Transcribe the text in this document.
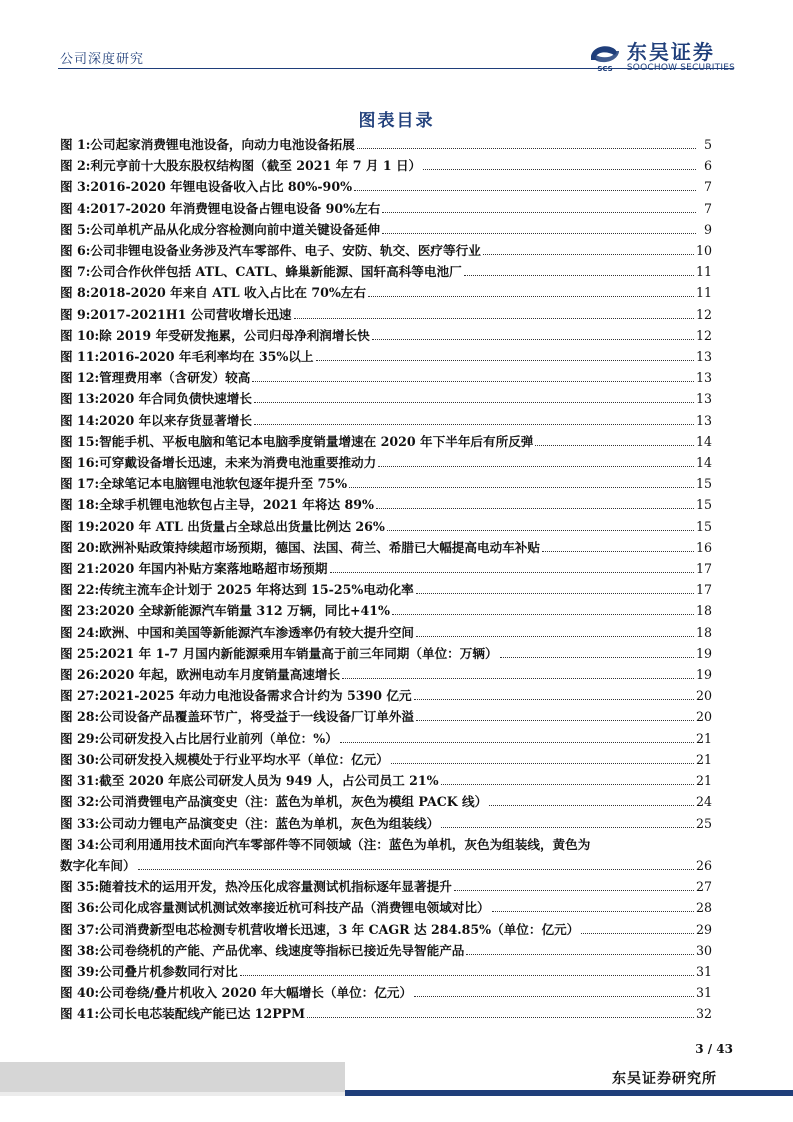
公司深度研究
SCS
东吴证券
SOOCHOW SECURITIES
图表目录
图 1: 公司起家消费锂电池设备，向动力电池设备拓展	5
图 2: 利元亨前十大股东股权结构图（截至 2021 年 7 月 1 日）	6
图 3: 2016-2020 年锂电设备收入占比 80%-90%	7
图 4: 2017-2020 年消费锂电设备占锂电设备 90%左右	7
图 5: 公司单机产品从化成分容检测向前中道关键设备延伸	9
图 6: 公司非锂电设备业务涉及汽车零部件、电子、安防、轨交、医疗等行业	10
图 7: 公司合作伙伴包括 ATL、CATL、蜂巢新能源、国轩高科等电池厂	11
图 8: 2018-2020 年来自 ATL 收入占比在 70%左右	11
图 9: 2017-2021H1 公司营收增长迅速	12
图 10: 除 2019 年受研发拖累，公司归母净利润增长快	12
图 11: 2016-2020 年毛利率均在 35%以上	13
图 12: 管理费用率（含研发）较高	13
图 13: 2020 年合同负债快速增长	13
图 14: 2020 年以来存货显著增长	13
图 15: 智能手机、平板电脑和笔记本电脑季度销量增速在 2020 年下半年后有所反弹	14
图 16: 可穿戴设备增长迅速，未来为消费电池重要推动力	14
图 17: 全球笔记本电脑锂电池软包逐年提升至 75%	15
图 18: 全球手机锂电池软包占主导，2021 年将达 89%	15
图 19: 2020 年 ATL 出货量占全球总出货量比例达 26%	15
图 20: 欧洲补贴政策持续超市场预期，德国、法国、荷兰、希腊已大幅提高电动车补贴	16
图 21: 2020 年国内补贴方案落地略超市场预期	17
图 22: 传统主流车企计划于 2025 年将达到 15-25%电动化率	17
图 23: 2020 全球新能源汽车销量 312 万辆，同比+41%	18
图 24: 欧洲、中国和美国等新能源汽车渗透率仍有较大提升空间	18
图 25: 2021 年 1-7 月国内新能源乘用车销量高于前三年同期（单位：万辆）	19
图 26: 2020 年起，欧洲电动车月度销量高速增长	19
图 27: 2021-2025 年动力电池设备需求合计约为 5390 亿元	20
图 28: 公司设备产品覆盖环节广，将受益于一线设备厂订单外溢	20
图 29: 公司研发投入占比居行业前列（单位：%）	21
图 30: 公司研发投入规模处于行业平均水平（单位：亿元）	21
图 31: 截至 2020 年底公司研发人员为 949 人，占公司员工 21%	21
图 32: 公司消费锂电产品演变史（注：蓝色为单机，灰色为模组 PACK 线）	24
图 33: 公司动力锂电产品演变史（注：蓝色为单机，灰色为组装线）	25
图 34: 公司利用通用技术面向汽车零部件等不同领域（注：蓝色为单机，灰色为组装线，黄色为
数字化车间）	26
图 35: 随着技术的运用开发，热冷压化成容量测试机指标逐年显著提升	27
图 36: 公司化成容量测试机测试效率接近杭可科技产品（消费锂电领域对比）	28
图 37: 公司消费新型电芯检测专机营收增长迅速，3 年 CAGR 达 284.85%（单位：亿元）	29
图 38: 公司卷绕机的产能、产品优率、线速度等指标已接近先导智能产品	30
图 39: 公司叠片机参数同行对比	31
图 40: 公司卷绕/叠片机收入 2020 年大幅增长（单位：亿元）	31
图 41: 公司长电芯装配线产能已达 12PPM	32
3 / 43
东吴证券研究所
